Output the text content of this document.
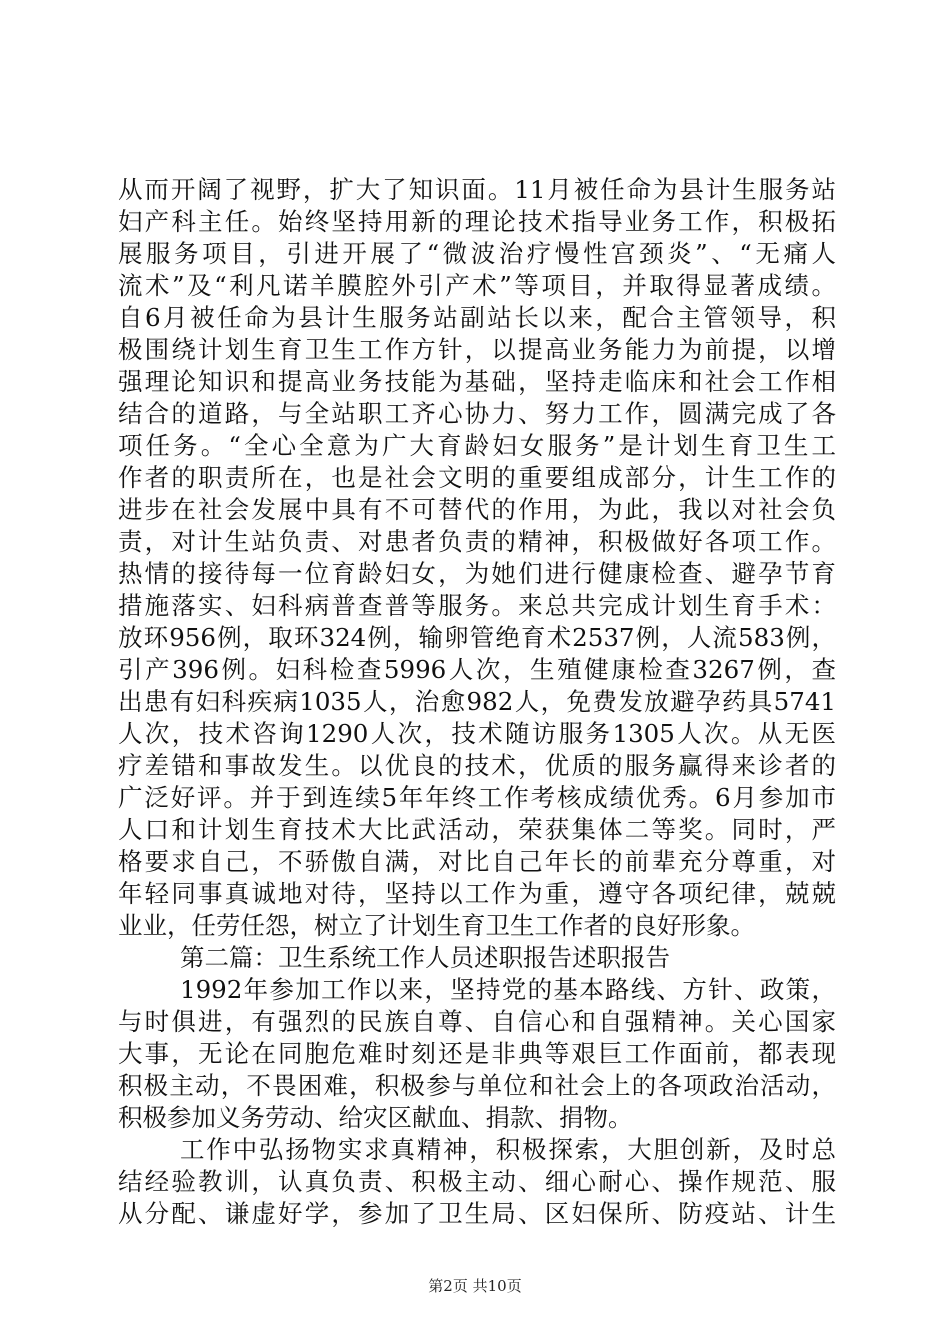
从而开阔了视野，扩大了知识面。11月被任命为县计生服务站
妇产科主任。始终坚持用新的理论技术指导业务工作，积极拓
展服务项目，引进开展了“微波治疗慢性宫颈炎”、“无痛人
流术”及“利凡诺羊膜腔外引产术”等项目，并取得显著成绩。
自6月被任命为县计生服务站副站长以来，配合主管领导，积
极围绕计划生育卫生工作方针，以提高业务能力为前提，以增
强理论知识和提高业务技能为基础，坚持走临床和社会工作相
结合的道路，与全站职工齐心协力、努力工作，圆满完成了各
项任务。“全心全意为广大育龄妇女服务”是计划生育卫生工
作者的职责所在，也是社会文明的重要组成部分，计生工作的
进步在社会发展中具有不可替代的作用，为此，我以对社会负
责，对计生站负责、对患者负责的精神，积极做好各项工作。
热情的接待每一位育龄妇女，为她们进行健康检查、避孕节育
措施落实、妇科病普查普等服务。来总共完成计划生育手术：
放环956例，取环324例，输卵管绝育术2537例，人流583例，
引产396例。妇科检查5996人次，生殖健康检查3267例，查
出患有妇科疾病1035人，治愈982人，免费发放避孕药具5741
人次，技术咨询1290人次，技术随访服务1305人次。从无医
疗差错和事故发生。以优良的技术，优质的服务赢得来诊者的
广泛好评。并于到连续5年年终工作考核成绩优秀。6月参加市
人口和计划生育技术大比武活动，荣获集体二等奖。同时，严
格要求自己，不骄傲自满，对比自己年长的前辈充分尊重，对
年轻同事真诚地对待，坚持以工作为重，遵守各项纪律，兢兢
业业，任劳任怨，树立了计划生育卫生工作者的良好形象。
第二篇：卫生系统工作人员述职报告述职报告
1992年参加工作以来，坚持党的基本路线、方针、政策，
与时俱进，有强烈的民族自尊、自信心和自强精神。关心国家
大事，无论在同胞危难时刻还是非典等艰巨工作面前，都表现
积极主动，不畏困难，积极参与单位和社会上的各项政治活动，
积极参加义务劳动、给灾区献血、捐款、捐物。
工作中弘扬物实求真精神，积极探索，大胆创新，及时总
结经验教训，认真负责、积极主动、细心耐心、操作规范、服
从分配、谦虚好学，参加了卫生局、区妇保所、防疫站、计生
第2页 共10页
